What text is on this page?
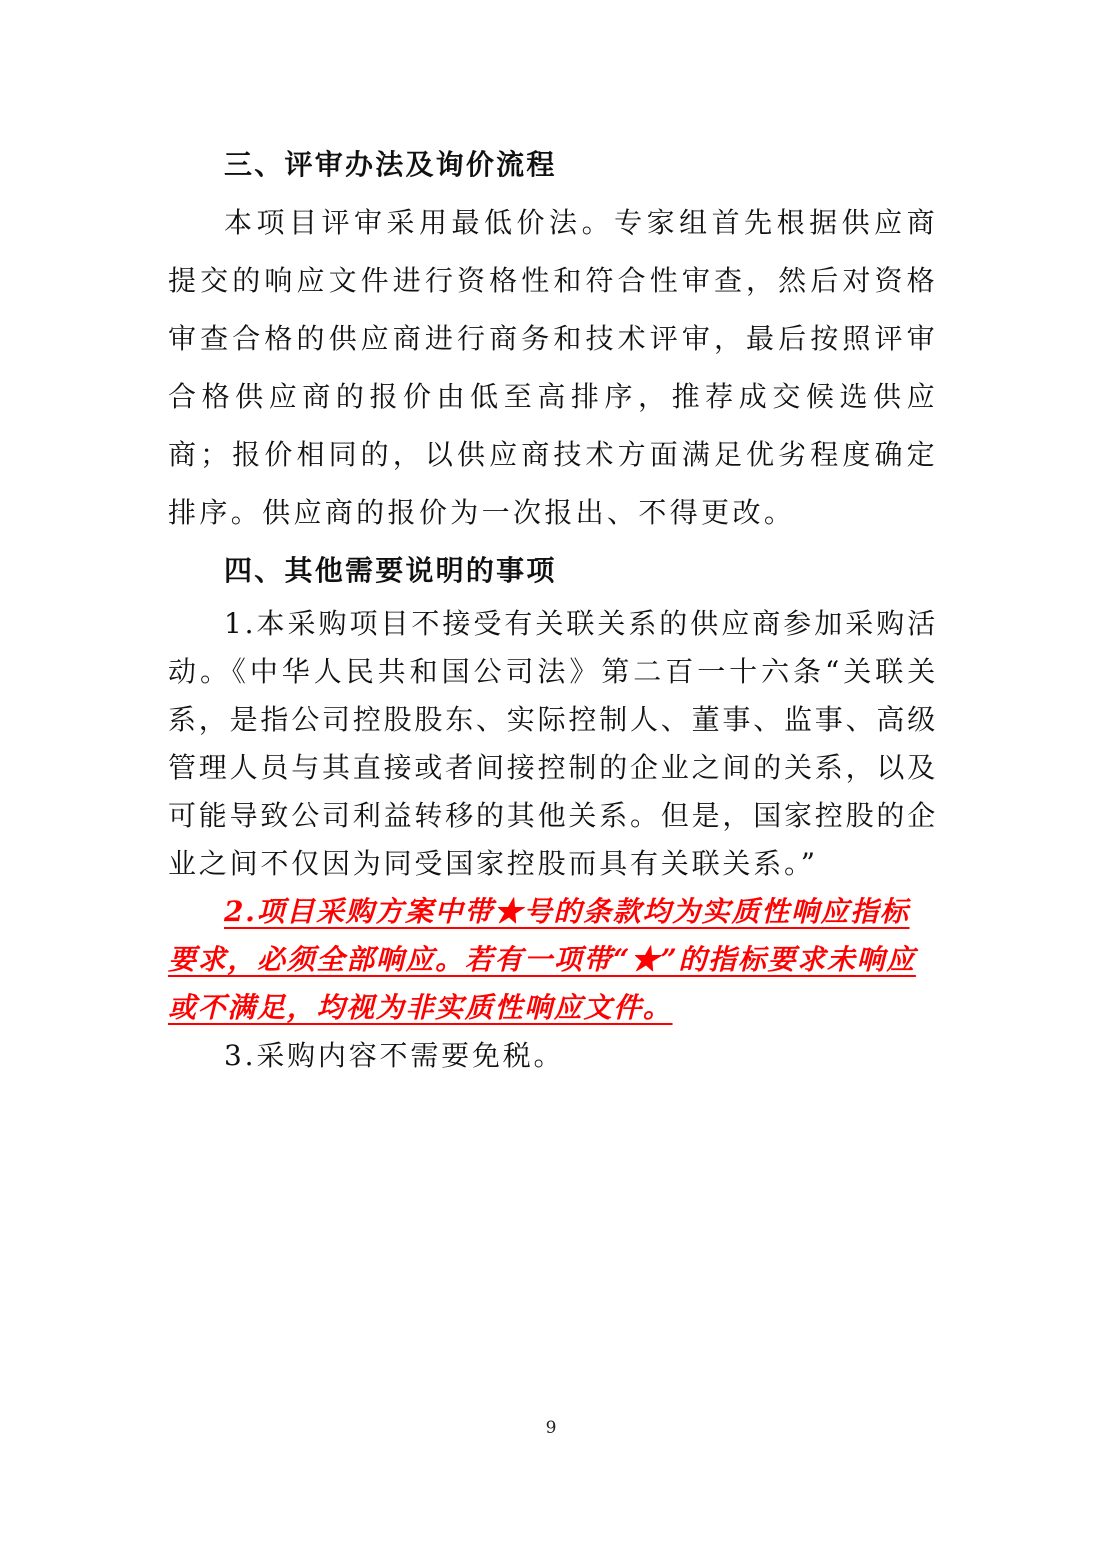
三、评审办法及询价流程

本项目评审采用最低价法。专家组首先根据供应商提交的响应文件进行资格性和符合性审查，然后对资格审查合格的供应商进行商务和技术评审，最后按照评审合格供应商的报价由低至高排序，推荐成交候选供应商；报价相同的，以供应商技术方面满足优劣程度确定排序。供应商的报价为一次报出、不得更改。

四、其他需要说明的事项

1.本采购项目不接受有关联关系的供应商参加采购活动。《中华人民共和国公司法》第二百一十六条“关联关系，是指公司控股股东、实际控制人、董事、监事、高级管理人员与其直接或者间接控制的企业之间的关系，以及可能导致公司利益转移的其他关系。但是，国家控股的企业之间不仅因为同受国家控股而具有关联关系。”

2.项目采购方案中带★号的条款均为实质性响应指标要求，必须全部响应。若有一项带“★”的指标要求未响应或不满足，均视为非实质性响应文件。

3.采购内容不需要免税。

9
